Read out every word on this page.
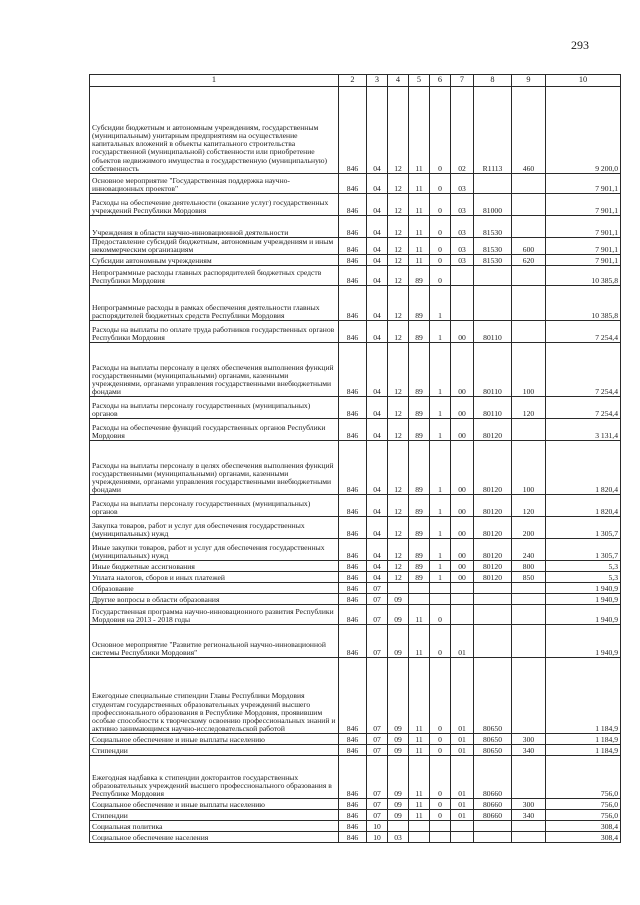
293
1	2	3	4	5	6	7	8	9	10
Субсидии бюджетным и автономным учреждениям, государственным (муниципальным) унитарным предприятиям на осуществление капитальных вложений в объекты капитального строительства государственной (муниципальной) собственности или приобретение объектов недвижимого имущества в государственную (муниципальную) собственность	846	04	12	11	0	02	R1113	460	9 200,0
Основное мероприятие "Государственная поддержка научно-инновационных проектов"	846	04	12	11	0	03			7 901,1
Расходы на обеспечение деятельности (оказание услуг) государственных учреждений Республики Мордовия	846	04	12	11	0	03	81000		7 901,1
Учреждения в области научно-инновационной деятельности	846	04	12	11	0	03	81530		7 901,1
Предоставление субсидий бюджетным, автономным учреждениям и иным некоммерческим организациям	846	04	12	11	0	03	81530	600	7 901,1
Субсидии автономным учреждениям	846	04	12	11	0	03	81530	620	7 901,1
Непрограммные расходы главных распорядителей бюджетных средств Республики Мордовия	846	04	12	89	0				10 385,8
Непрограммные расходы в рамках обеспечения деятельности главных распорядителей бюджетных средств Республики Мордовия	846	04	12	89	1				10 385,8
Расходы на выплаты по оплате труда работников государственных органов Республики Мордовия	846	04	12	89	1	00	80110		7 254,4
Расходы на выплаты персоналу в целях обеспечения выполнения функций государственными (муниципальными) органами, казенными учреждениями, органами управления государственными внебюджетными фондами	846	04	12	89	1	00	80110	100	7 254,4
Расходы на выплаты персоналу государственных (муниципальных) органов	846	04	12	89	1	00	80110	120	7 254,4
Расходы на обеспечение функций государственных органов Республики Мордовия	846	04	12	89	1	00	80120		3 131,4
Расходы на выплаты персоналу в целях обеспечения выполнения функций государственными (муниципальными) органами, казенными учреждениями, органами управления государственными внебюджетными фондами	846	04	12	89	1	00	80120	100	1 820,4
Расходы на выплаты персоналу государственных (муниципальных) органов	846	04	12	89	1	00	80120	120	1 820,4
Закупка товаров, работ и услуг для обеспечения государственных (муниципальных) нужд	846	04	12	89	1	00	80120	200	1 305,7
Иные закупки товаров, работ и услуг для обеспечения государственных (муниципальных) нужд	846	04	12	89	1	00	80120	240	1 305,7
Иные бюджетные ассигнования	846	04	12	89	1	00	80120	800	5,3
Уплата налогов, сборов и иных платежей	846	04	12	89	1	00	80120	850	5,3
Образование	846	07							1 940,9
Другие вопросы в области образования	846	07	09						1 940,9
Государственная программа научно-инновационного развития Республики Мордовия на 2013 - 2018 годы	846	07	09	11	0				1 940,9
Основное мероприятие "Развитие региональной научно-инновационной системы Республики Мордовия"	846	07	09	11	0	01			1 940,9
Ежегодные специальные стипендии Главы Республики Мордовия студентам государственных образовательных учреждений высшего профессионального образования в Республике Мордовия, проявившим особые способности к творческому освоению профессиональных знаний и активно занимающимся научно-исследовательской работой	846	07	09	11	0	01	80650		1 184,9
Социальное обеспечение и иные выплаты населению	846	07	09	11	0	01	80650	300	1 184,9
Стипендии	846	07	09	11	0	01	80650	340	1 184,9
Ежегодная надбавка к стипендии докторантов государственных образовательных учреждений высшего профессионального образования в Республике Мордовия	846	07	09	11	0	01	80660		756,0
Социальное обеспечение и иные выплаты населению	846	07	09	11	0	01	80660	300	756,0
Стипендии	846	07	09	11	0	01	80660	340	756,0
Социальная политика	846	10							308,4
Социальное обеспечение населения	846	10	03						308,4
